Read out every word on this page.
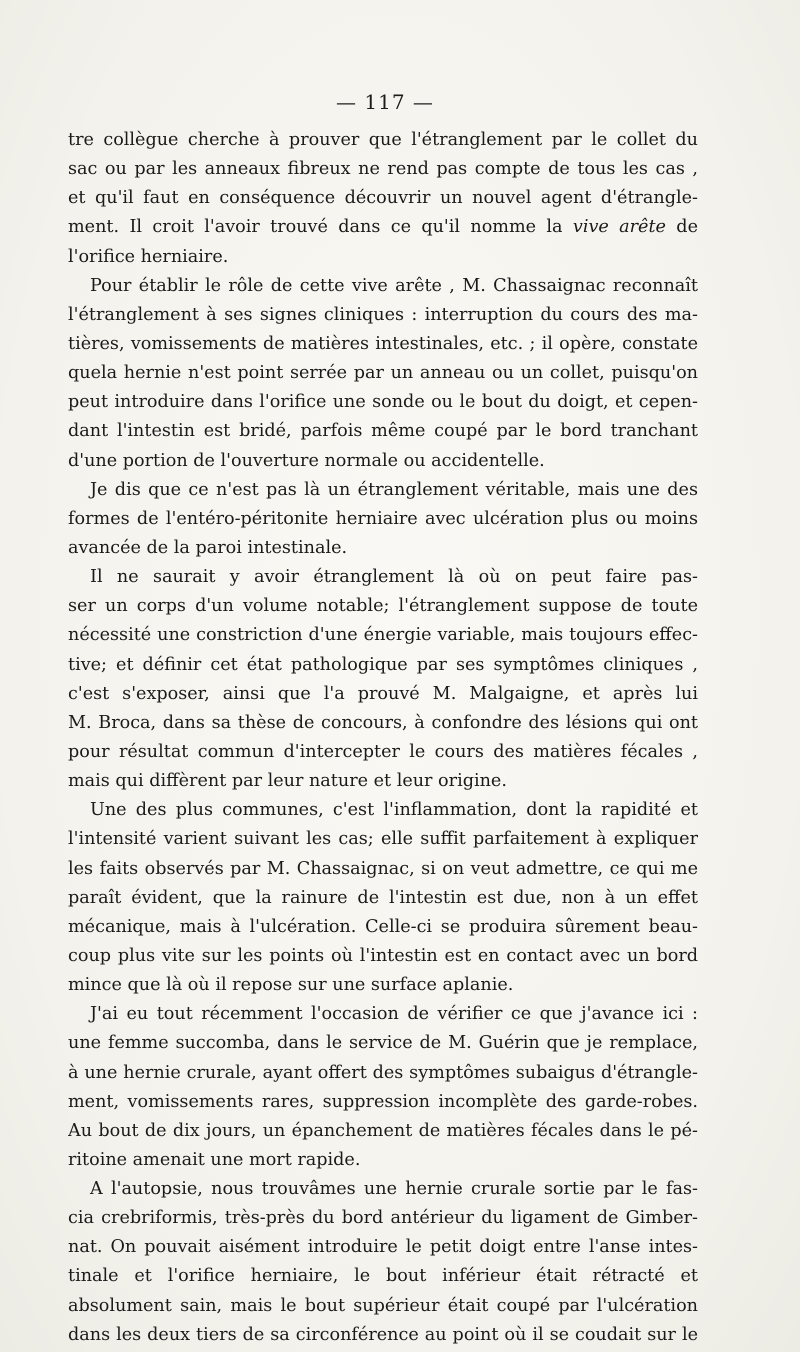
— 117 —
tre collègue cherche à prouver que l'étranglement par le collet du
sac ou par les anneaux fibreux ne rend pas compte de tous les cas ,
et qu'il faut en conséquence découvrir un nouvel agent d'étrangle-
ment. Il croit l'avoir trouvé dans ce qu'il nomme la vive arête de
l'orifice herniaire.
Pour établir le rôle de cette vive arête , M. Chassaignac reconnaît
l'étranglement à ses signes cliniques : interruption du cours des ma-
tières, vomissements de matières intestinales, etc. ; il opère, constate
quela hernie n'est point serrée par un anneau ou un collet, puisqu'on
peut introduire dans l'orifice une sonde ou le bout du doigt, et cepen-
dant l'intestin est bridé, parfois même coupé par le bord tranchant
d'une portion de l'ouverture normale ou accidentelle.
Je dis que ce n'est pas là un étranglement véritable, mais une des
formes de l'entéro-péritonite herniaire avec ulcération plus ou moins
avancée de la paroi intestinale.
Il ne saurait y avoir étranglement là où on peut faire pas-
ser un corps d'un volume notable; l'étranglement suppose de toute
nécessité une constriction d'une énergie variable, mais toujours effec-
tive; et définir cet état pathologique par ses symptômes cliniques ,
c'est s'exposer, ainsi que l'a prouvé M. Malgaigne, et après lui
M. Broca, dans sa thèse de concours, à confondre des lésions qui ont
pour résultat commun d'intercepter le cours des matières fécales ,
mais qui diffèrent par leur nature et leur origine.
Une des plus communes, c'est l'inflammation, dont la rapidité et
l'intensité varient suivant les cas; elle suffit parfaitement à expliquer
les faits observés par M. Chassaignac, si on veut admettre, ce qui me
paraît évident, que la rainure de l'intestin est due, non à un effet
mécanique, mais à l'ulcération. Celle-ci se produira sûrement beau-
coup plus vite sur les points où l'intestin est en contact avec un bord
mince que là où il repose sur une surface aplanie.
J'ai eu tout récemment l'occasion de vérifier ce que j'avance ici :
une femme succomba, dans le service de M. Guérin que je remplace,
à une hernie crurale, ayant offert des symptômes subaigus d'étrangle-
ment, vomissements rares, suppression incomplète des garde-robes.
Au bout de dix jours, un épanchement de matières fécales dans le pé-
ritoine amenait une mort rapide.
A l'autopsie, nous trouvâmes une hernie crurale sortie par le fas-
cia crebriformis, très-près du bord antérieur du ligament de Gimber-
nat. On pouvait aisément introduire le petit doigt entre l'anse intes-
tinale et l'orifice herniaire, le bout inférieur était rétracté et
absolument sain, mais le bout supérieur était coupé par l'ulcération
dans les deux tiers de sa circonférence au point où il se coudait sur le
